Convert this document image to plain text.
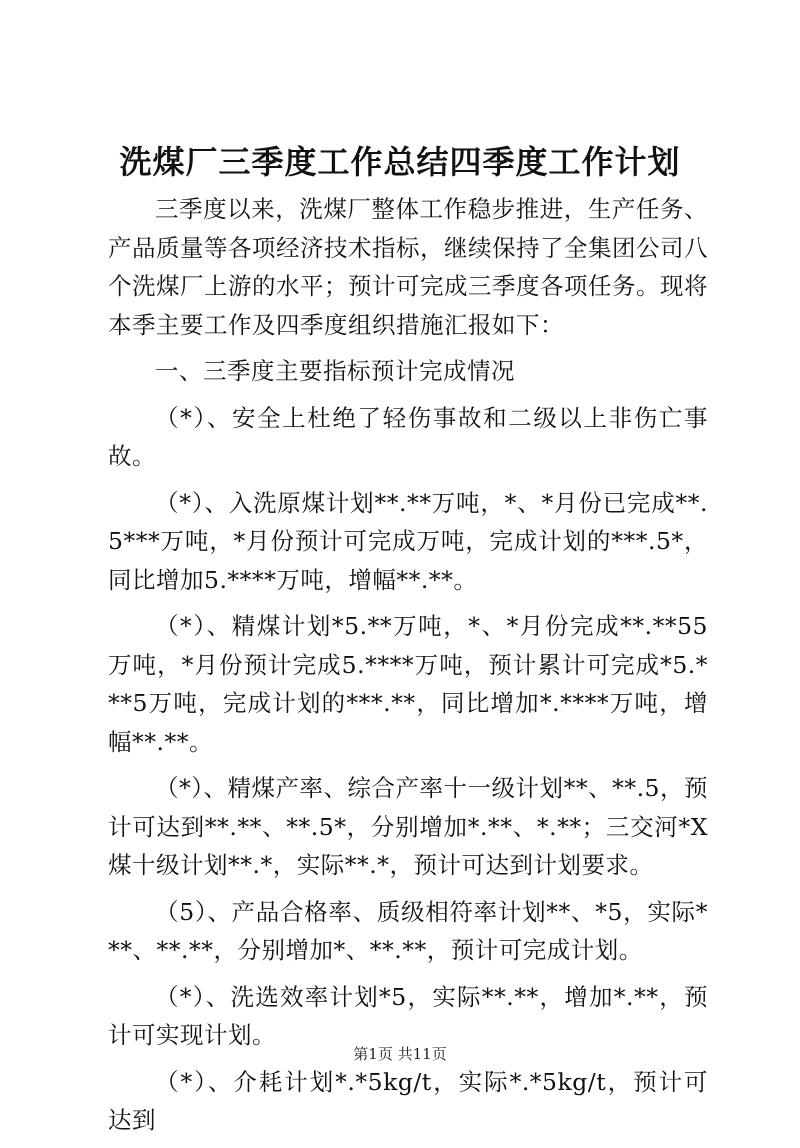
洗煤厂三季度工作总结四季度工作计划

三季度以来，洗煤厂整体工作稳步推进，生产任务、产品质量等各项经济技术指标，继续保持了全集团公司八个洗煤厂上游的水平；预计可完成三季度各项任务。现将本季主要工作及四季度组织措施汇报如下：

一、三季度主要指标预计完成情况

（*）、安全上杜绝了轻伤事故和二级以上非伤亡事故。

（*）、入洗原煤计划**.**万吨，*、*月份已完成**.5***万吨，*月份预计可完成万吨，完成计划的***.5*，同比增加5.****万吨，增幅**.**。

（*）、精煤计划*5.**万吨，*、*月份完成**.**55万吨，*月份预计完成5.****万吨，预计累计可完成*5.***5万吨，完成计划的***.**，同比增加*.****万吨，增幅**.**。

（*）、精煤产率、综合产率十一级计划**、**.5，预计可达到**.**、**.5*，分别增加*.**、*.**；三交河*X煤十级计划**.*，实际**.*，预计可达到计划要求。

（5）、产品合格率、质级相符率计划**、*5，实际***、**.**，分别增加*、**.**，预计可完成计划。

（*）、洗选效率计划*5，实际**.**，增加*.**，预计可实现计划。

（*）、介耗计划*.*5kg/t，实际*.*5kg/t，预计可达到

第1页 共11页
